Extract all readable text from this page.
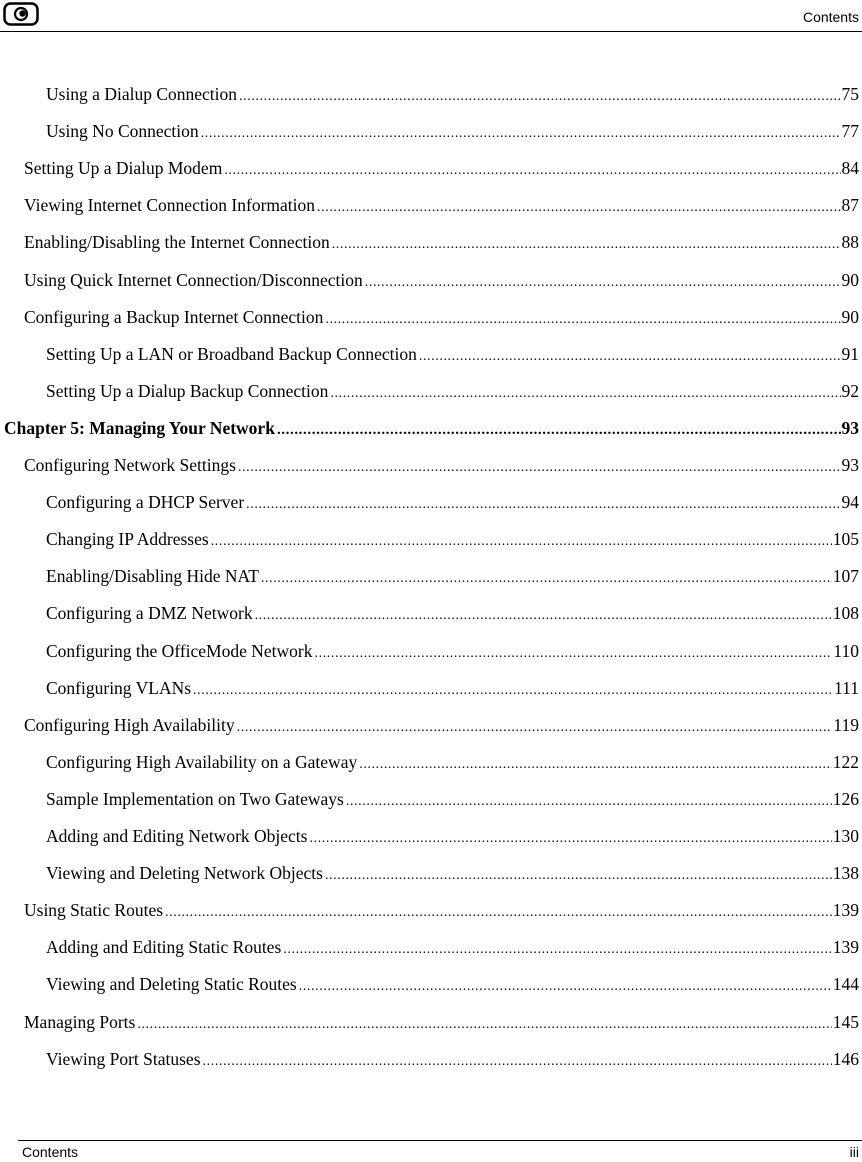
Contents
Using a Dialup Connection .....	75
Using No Connection .....	77
Setting Up a Dialup Modem .....	84
Viewing Internet Connection Information .....	87
Enabling/Disabling the Internet Connection .....	88
Using Quick Internet Connection/Disconnection .....	90
Configuring a Backup Internet Connection .....	90
Setting Up a LAN or Broadband Backup Connection .....	91
Setting Up a Dialup Backup Connection .....	92
Chapter 5: Managing Your Network .....	93
Configuring Network Settings .....	93
Configuring a DHCP Server .....	94
Changing IP Addresses .....	105
Enabling/Disabling Hide NAT .....	107
Configuring a DMZ Network .....	108
Configuring the OfficeMode Network .....	110
Configuring VLANs .....	111
Configuring High Availability .....	119
Configuring High Availability on a Gateway .....	122
Sample Implementation on Two Gateways .....	126
Adding and Editing Network Objects .....	130
Viewing and Deleting Network Objects .....	138
Using Static Routes .....	139
Adding and Editing Static Routes .....	139
Viewing and Deleting Static Routes .....	144
Managing Ports .....	145
Viewing Port Statuses .....	146
Contents	iii
